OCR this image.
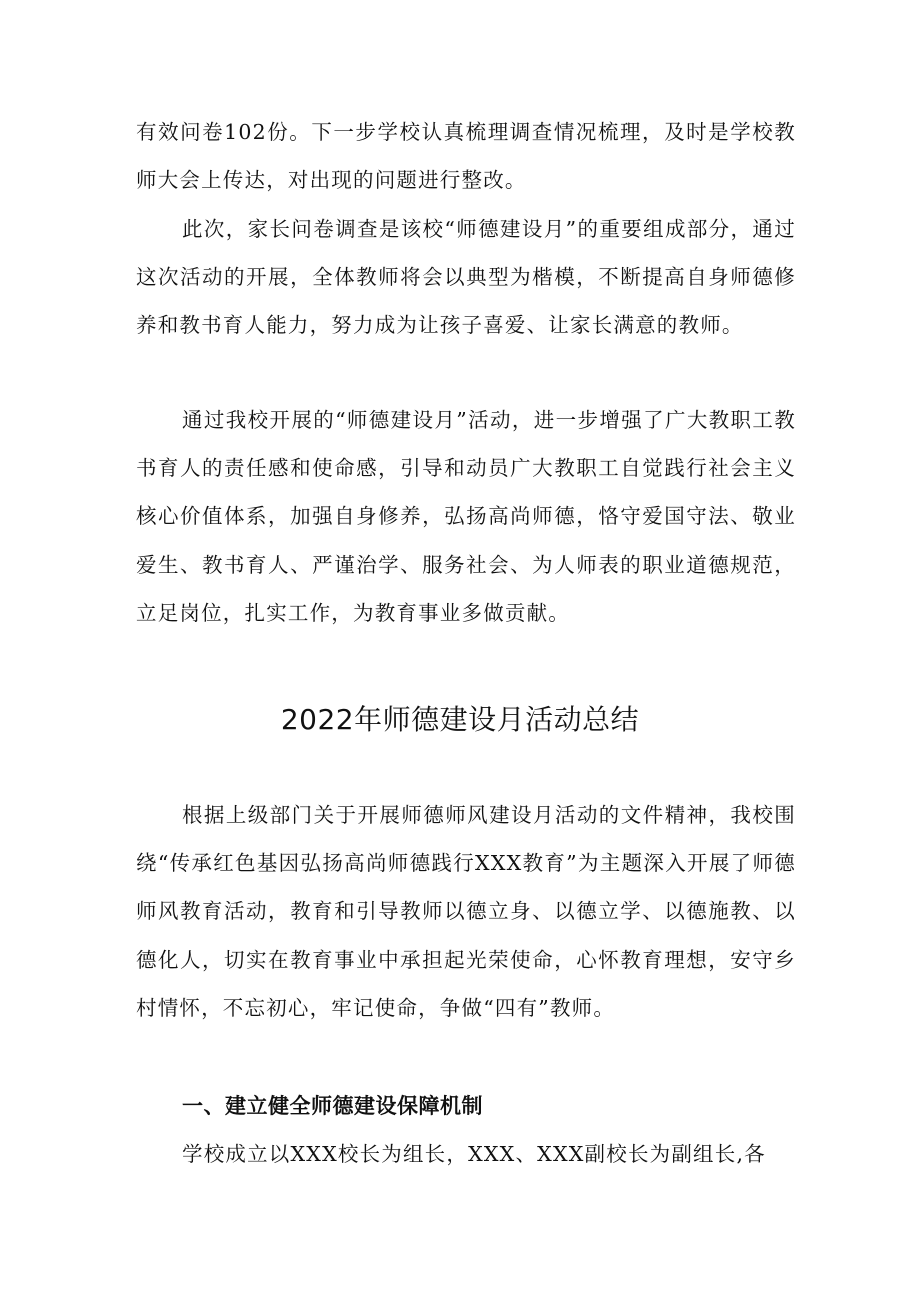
有效问卷102份。下一步学校认真梳理调查情况梳理，及时是学校教师大会上传达，对出现的问题进行整改。

此次，家长问卷调查是该校“师德建设月”的重要组成部分，通过这次活动的开展，全体教师将会以典型为楷模，不断提高自身师德修养和教书育人能力，努力成为让孩子喜爱、让家长满意的教师。

通过我校开展的“师德建设月”活动，进一步增强了广大教职工教书育人的责任感和使命感，引导和动员广大教职工自觉践行社会主义核心价值体系，加强自身修养，弘扬高尚师德，恪守爱国守法、敬业爱生、教书育人、严谨治学、服务社会、为人师表的职业道德规范，立足岗位，扎实工作，为教育事业多做贡献。

2022年师德建设月活动总结

根据上级部门关于开展师德师风建设月活动的文件精神，我校围绕“传承红色基因弘扬高尚师德践行XXX教育”为主题深入开展了师德师风教育活动，教育和引导教师以德立身、以德立学、以德施教、以德化人，切实在教育事业中承担起光荣使命，心怀教育理想，安守乡村情怀，不忘初心，牢记使命，争做“四有”教师。

一、建立健全师德建设保障机制

学校成立以XXX校长为组长，XXX、XXX副校长为副组长,各
